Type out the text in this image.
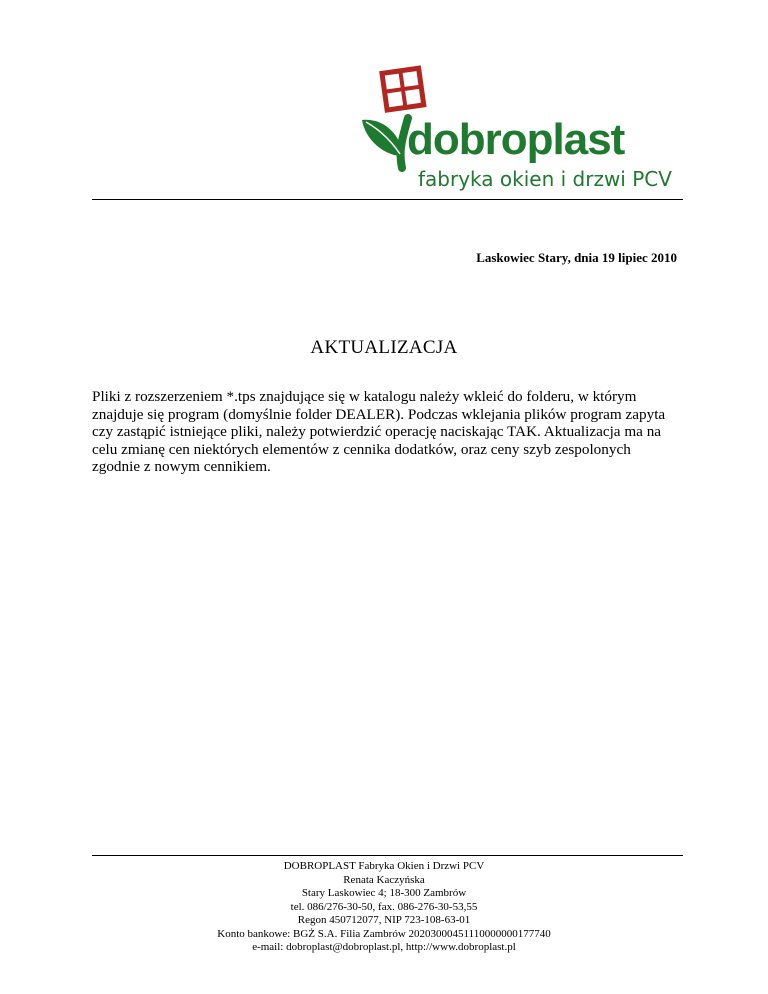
dobroplast
fabryka okien i drzwi PCV
Laskowiec Stary, dnia 19 lipiec 2010
AKTUALIZACJA

Pliki z rozszerzeniem *.tps znajdujące się w katalogu należy wkleić do folderu, w którym
znajduje się program (domyślnie folder DEALER). Podczas wklejania plików program zapyta
czy zastąpić istniejące pliki, należy potwierdzić operację naciskając TAK. Aktualizacja ma na
celu zmianę cen niektórych elementów z cennika dodatków, oraz ceny szyb zespolonych
zgodnie z nowym cennikiem.

DOBROPLAST Fabryka Okien i Drzwi PCV
Renata Kaczyńska
Stary Laskowiec 4; 18-300 Zambrów
tel. 086/276-30-50, fax. 086-276-30-53,55
Regon 450712077, NIP 723-108-63-01
Konto bankowe: BGŻ S.A. Filia Zambrów 20203000451110000000177740
e-mail: dobroplast@dobroplast.pl, http://www.dobroplast.pl
